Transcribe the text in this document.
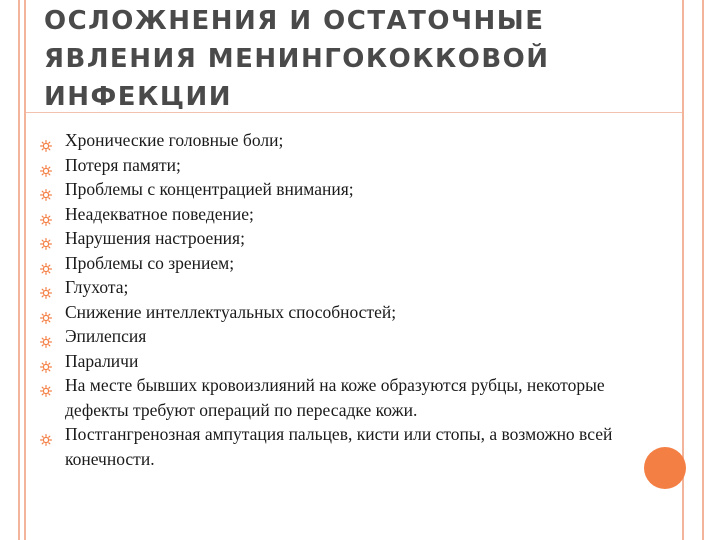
ОСЛОЖНЕНИЯ И ОСТАТОЧНЫЕ ЯВЛЕНИЯ МЕНИНГОКОККОВОЙ ИНФЕКЦИИ
Хронические головные боли;
Потеря памяти;
Проблемы с концентрацией внимания;
Неадекватное поведение;
Нарушения настроения;
Проблемы со зрением;
Глухота;
Снижение интеллектуальных способностей;
Эпилепсия
Параличи
На месте бывших кровоизлияний на коже образуются рубцы, некоторые дефекты требуют операций по пересадке кожи.
Постгангренозная ампутация пальцев, кисти или стопы, а возможно всей конечности.
